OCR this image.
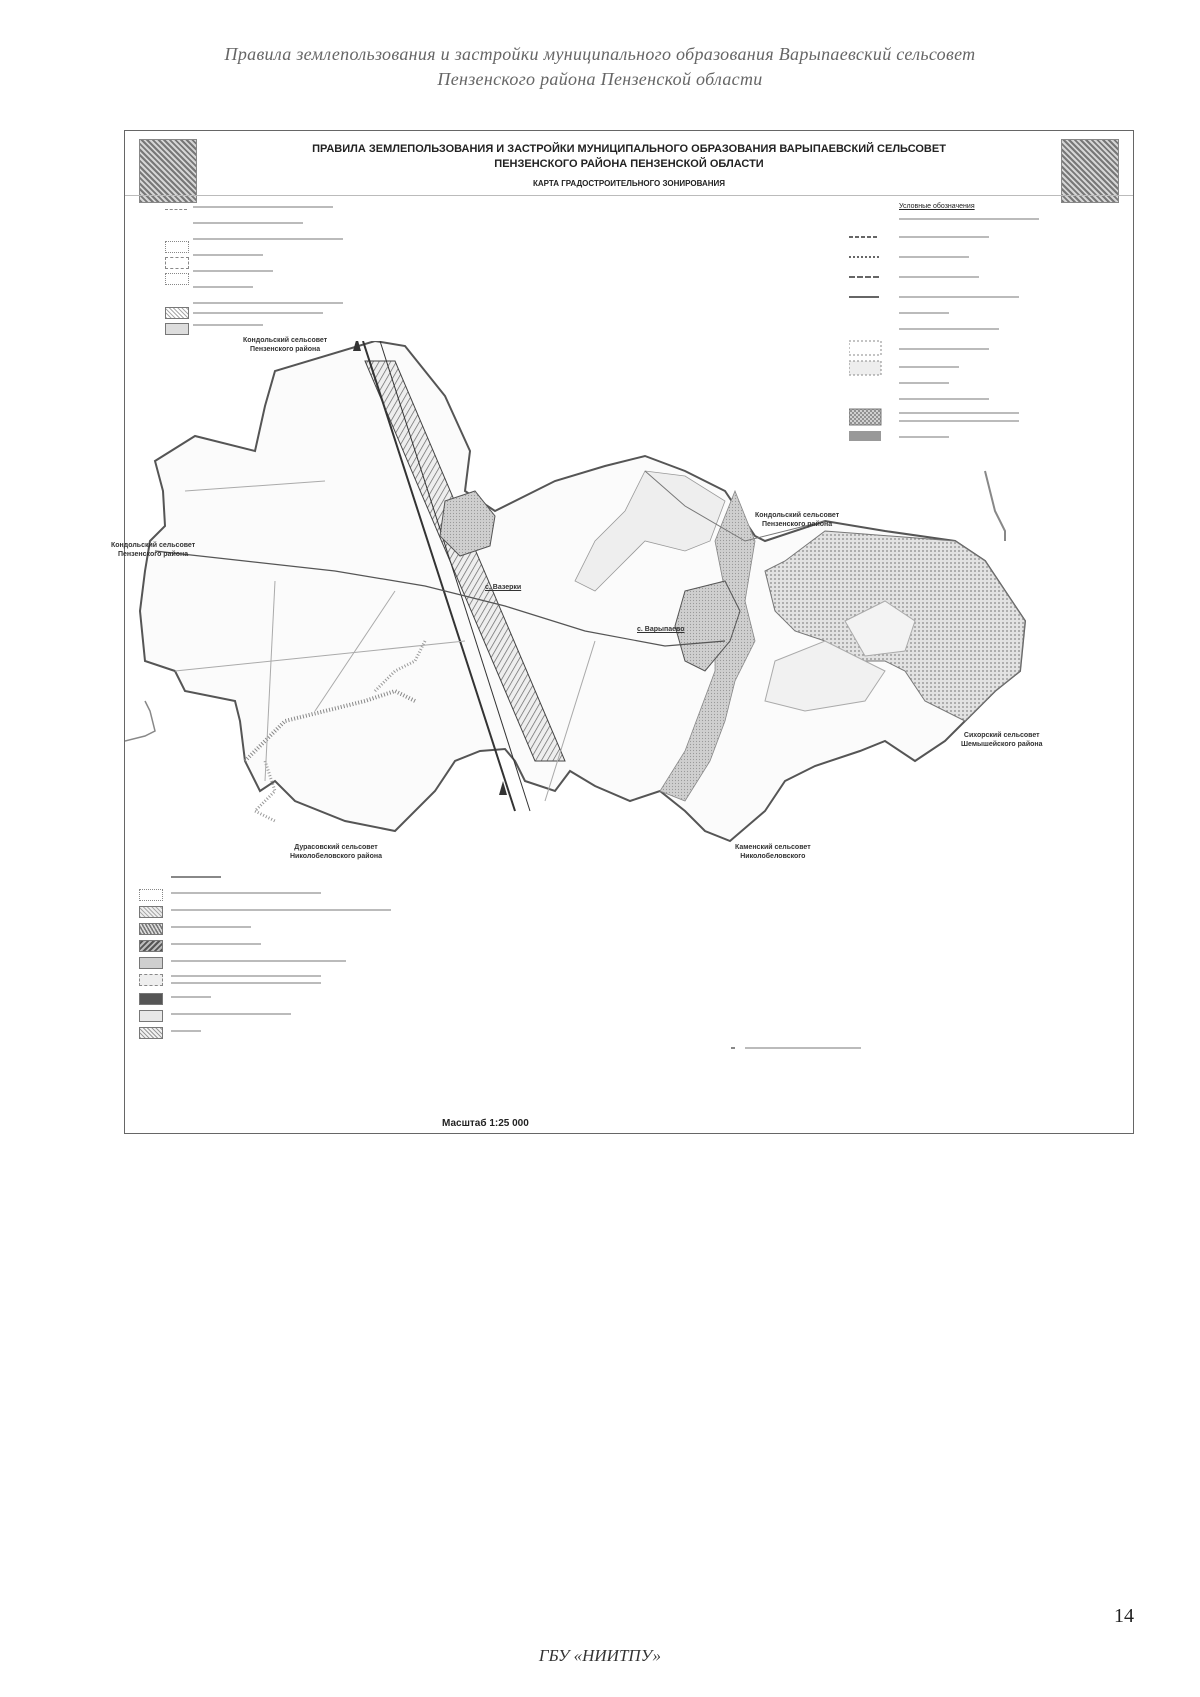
Правила землепользования и застройки муниципального образования Варыпаевский сельсовет
Пензенского района Пензенской области
ПРАВИЛА ЗЕМЛЕПОЛЬЗОВАНИЯ И ЗАСТРОЙКИ МУНИЦИПАЛЬНОГО ОБРАЗОВАНИЯ ВАРЫПАЕВСКИЙ СЕЛЬСОВЕТ
ПЕНЗЕНСКОГО РАЙОНА ПЕНЗЕНСКОЙ ОБЛАСТИ
КАРТА ГРАДОСТРОИТЕЛЬНОГО ЗОНИРОВАНИЯ
Условные обозначения
Кондольский сельсовет
Пензенского района
Кондольский сельсовет
Пензенского района
Кондольский сельсовет
Пензенского района
Дурасовский сельсовет
Николобеловского района
Каменский сельсовет
Николобеловского
Сихорский сельсовет
Шемышейского района
с. Вазерки
с. Варыпаево
Масштаб 1:25 000
14
ГБУ «НИИТПУ»
